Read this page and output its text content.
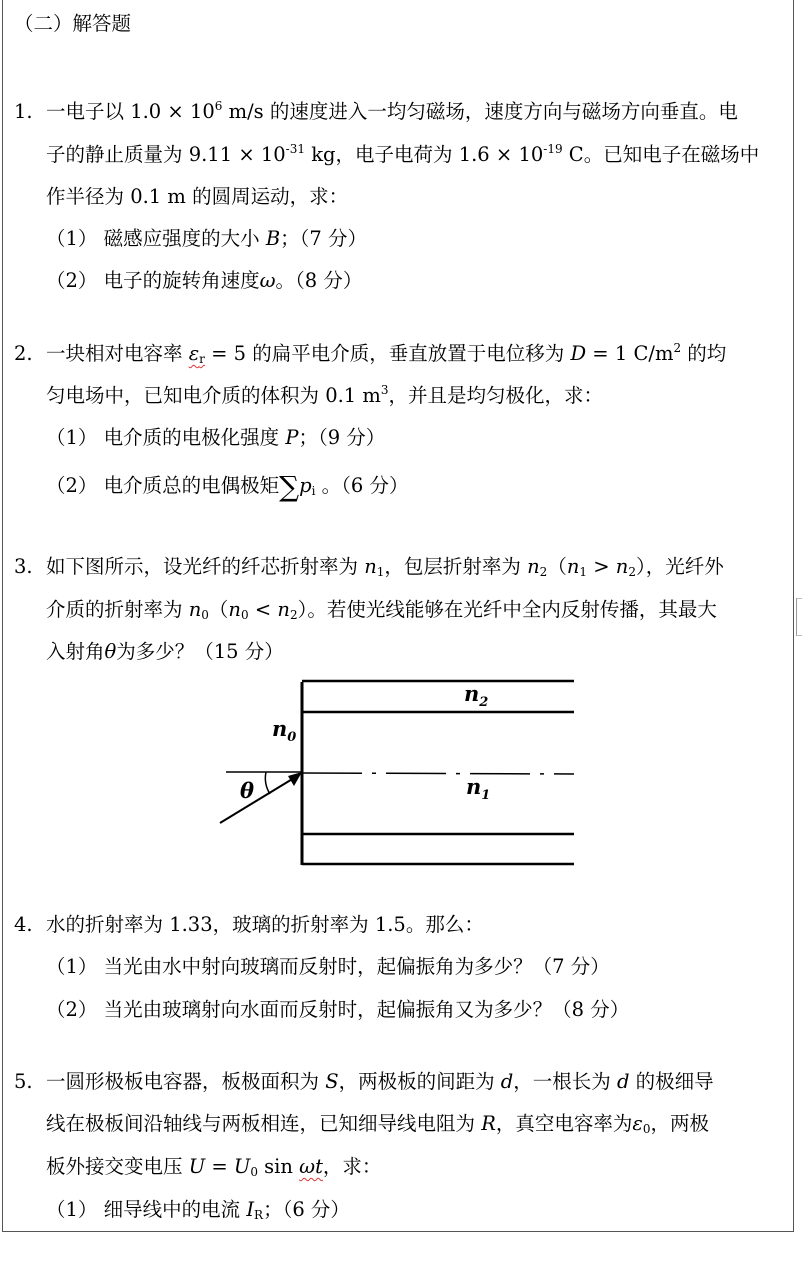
（二）解答题
1. 一电子以 $1.0 \times 10^6$ m/s 的速度进入一均匀磁场，速度方向与磁场方向垂直。电
子的静止质量为 $9.11 \times 10^{-31}$ kg，电子电荷为 $1.6 \times 10^{-19}$ C。已知电子在磁场中
作半径为 0.1 m 的圆周运动，求：
（1） 磁感应强度的大小 B；（7 分）
（2） 电子的旋转角速度ω。（8 分）
2. 一块相对电容率 $\varepsilon_r = 5$ 的扁平电介质，垂直放置于电位移为 D = 1 $C/m^2$ 的均
匀电场中，已知电介质的体积为 0.1 $m^3$，并且是均匀极化，求：
（1） 电介质的电极化强度 P；（9 分）
（2） 电介质总的电偶极矩$\sum p_i$ 。（6 分）
3. 如下图所示，设光纤的纤芯折射率为 $n_1$，包层折射率为 $n_2(n_1 > n_2)$，光纤外
介质的折射率为 $n_0(n_0 < n_2)$。若使光线能够在光纤中全内反射传播，其最大
入射角θ为多少？（15 分）
θ
$n_0$
$n_2$
$n_1$
4. 水的折射率为 1.33，玻璃的折射率为 1.5。那么：
（1） 当光由水中射向玻璃而反射时，起偏振角为多少？（7 分）
（2） 当光由玻璃射向水面而反射时，起偏振角又为多少？（8 分）
5. 一圆形极板电容器，板极面积为 S，两极板的间距为 d，一根长为 d 的极细导
线在极板间沿轴线与两板相连，已知细导线电阻为 R，真空电容率为$\varepsilon_0$，两极
板外接交变电压 $U = U_0$ sin ωt，求：
（1） 细导线中的电流 $I_R$；（6 分）
